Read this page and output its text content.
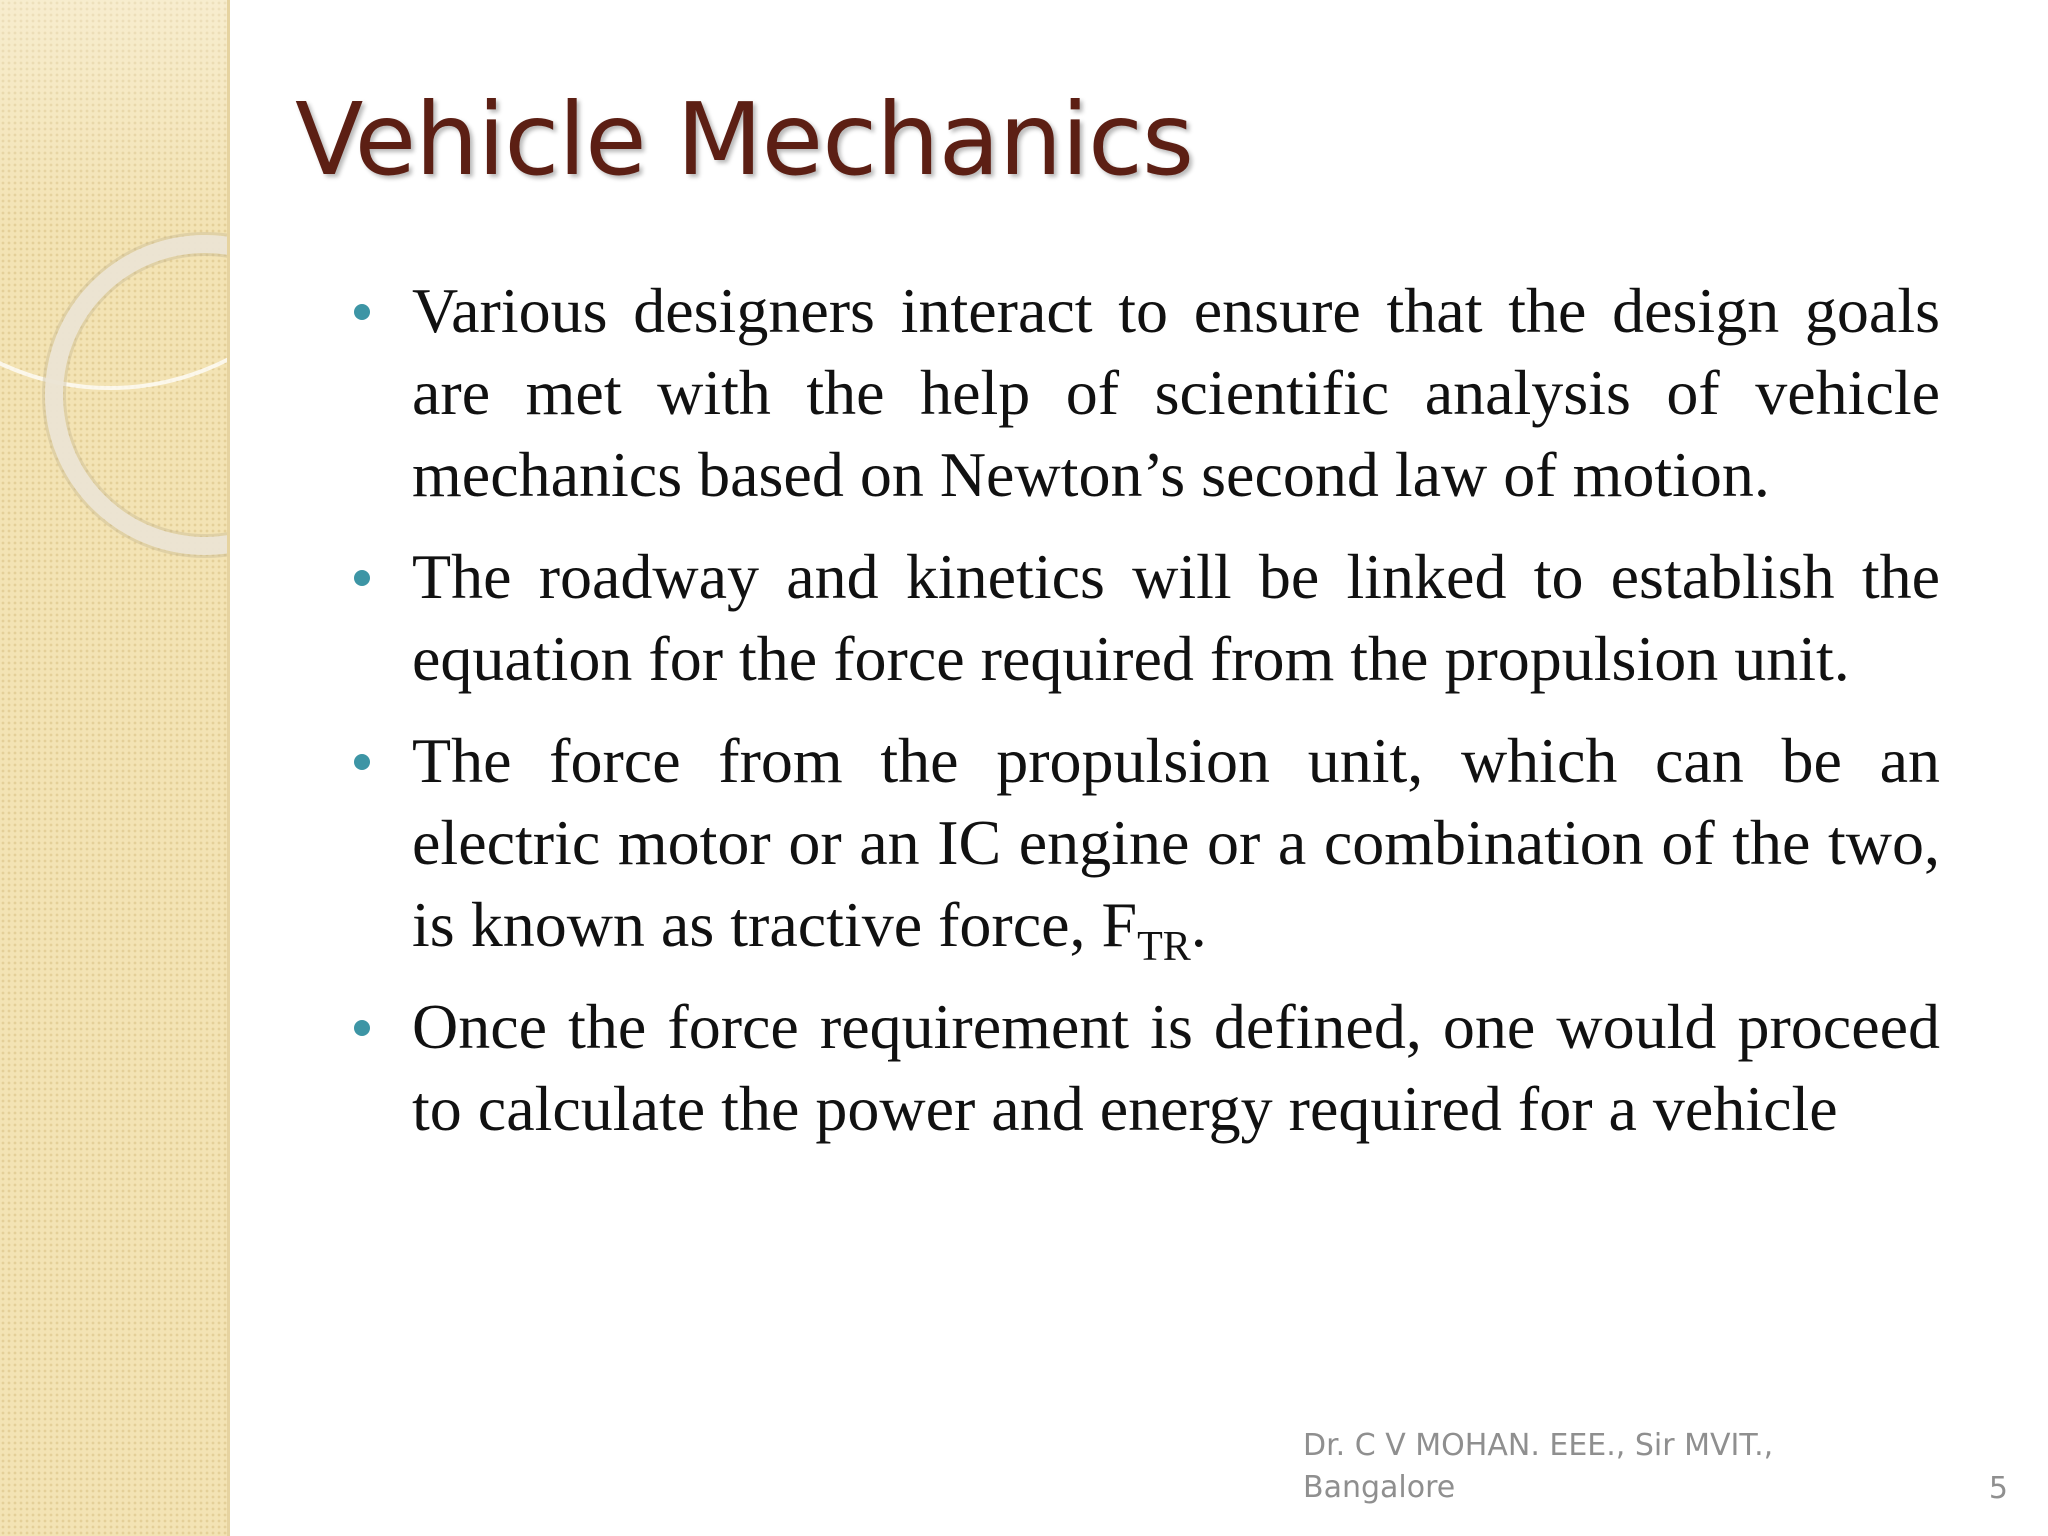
Vehicle Mechanics
Various designers interact to ensure that the design goals are met with the help of scientific analysis of vehicle mechanics based on Newton’s second law of motion.
The roadway and kinetics will be linked to establish the equation for the force required from the propulsion unit.
The force from the propulsion unit, which can be an electric motor or an IC engine or a combination of the two, is known as tractive force, $F_{TR}$.
Once the force requirement is defined, one would proceed to calculate the power and energy required for a vehicle
Dr. C V MOHAN. EEE., Sir MVIT.,
Bangalore	5
